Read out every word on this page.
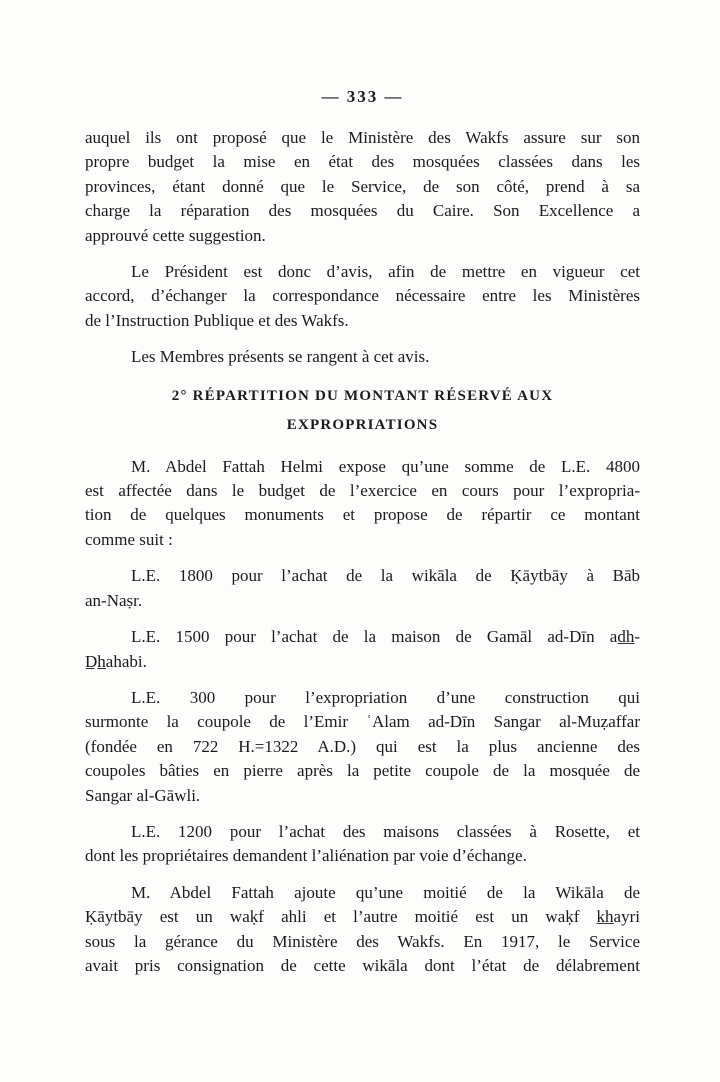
— 333 —
auquel ils ont proposé que le Ministère des Wakfs assure sur son
propre budget la mise en état des mosquées classées dans les
provinces, étant donné que le Service, de son côté, prend à sa
charge la réparation des mosquées du Caire. Son Excellence a
approuvé cette suggestion.
Le Président est donc d’avis, afin de mettre en vigueur cet
accord, d’échanger la correspondance nécessaire entre les Ministères
de l’Instruction Publique et des Wakfs.
Les Membres présents se rangent à cet avis.
2° RÉPARTITION DU MONTANT RÉSERVÉ AUX
EXPROPRIATIONS
M. Abdel Fattah Helmi expose qu’une somme de L.E. 4800
est affectée dans le budget de l’exercice en cours pour l’expropria-
tion de quelques monuments et propose de répartir ce montant
comme suit :
L.E. 1800 pour l’achat de la wikāla de Ḳāytbāy à Bāb
an-Naṣr.
L.E. 1500 pour l’achat de la maison de Gamāl ad-Dīn ad̲h̲-
D̲h̲ahabi.
L.E. 300 pour l’expropriation d’une construction qui
surmonte la coupole de l’Emir ʿAlam ad-Dīn Sangar al-Muẓaffar
(fondée en 722 H.=1322 A.D.) qui est la plus ancienne des
coupoles bâties en pierre après la petite coupole de la mosquée de
Sangar al-Gāwli.
L.E. 1200 pour l’achat des maisons classées à Rosette, et
dont les propriétaires demandent l’aliénation par voie d’échange.
M. Abdel Fattah ajoute qu’une moitié de la Wikāla de
Ḳāytbāy est un waḳf ahli et l’autre moitié est un waḳf k̲h̲ayri
sous la gérance du Ministère des Wakfs. En 1917, le Service
avait pris consignation de cette wikāla dont l’état de délabrement
